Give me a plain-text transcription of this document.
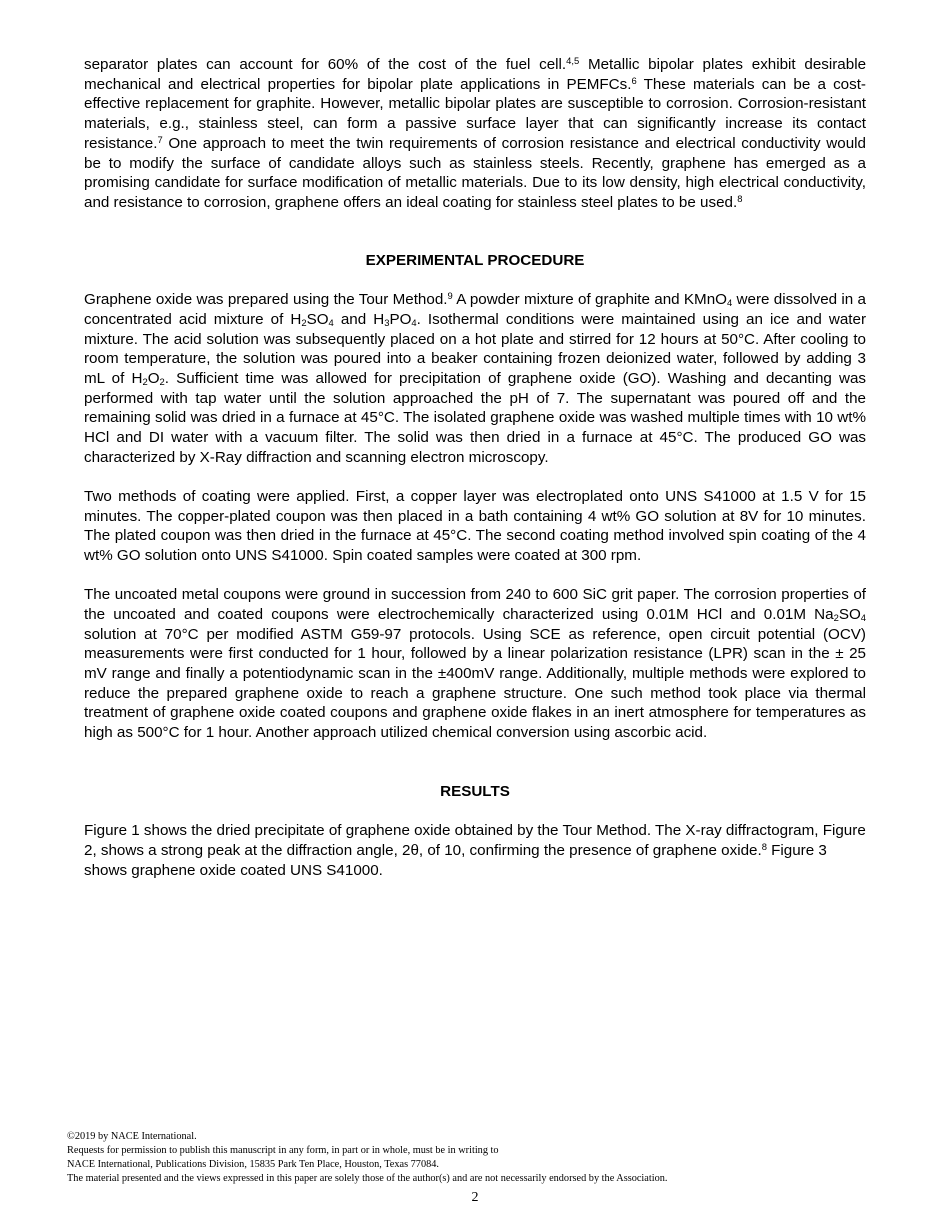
separator plates can account for 60% of the cost of the fuel cell.$^{4,5}$ Metallic bipolar plates exhibit desirable mechanical and electrical properties for bipolar plate applications in PEMFCs.$^6$ These materials can be a cost-effective replacement for graphite. However, metallic bipolar plates are susceptible to corrosion. Corrosion-resistant materials, e.g., stainless steel, can form a passive surface layer that can significantly increase its contact resistance.$^7$ One approach to meet the twin requirements of corrosion resistance and electrical conductivity would be to modify the surface of candidate alloys such as stainless steels. Recently, graphene has emerged as a promising candidate for surface modification of metallic materials. Due to its low density, high electrical conductivity, and resistance to corrosion, graphene offers an ideal coating for stainless steel plates to be used.$^8$

EXPERIMENTAL PROCEDURE

Graphene oxide was prepared using the Tour Method.$^9$ A powder mixture of graphite and KMnO$_4$ were dissolved in a concentrated acid mixture of $H_2SO_4$ and $H_3PO_4$. Isothermal conditions were maintained using an ice and water mixture. The acid solution was subsequently placed on a hot plate and stirred for 12 hours at 50°C. After cooling to room temperature, the solution was poured into a beaker containing frozen deionized water, followed by adding 3 mL of $H_2O_2$. Sufficient time was allowed for precipitation of graphene oxide (GO). Washing and decanting was performed with tap water until the solution approached the pH of 7. The supernatant was poured off and the remaining solid was dried in a furnace at 45°C. The isolated graphene oxide was washed multiple times with 10 wt% HCl and DI water with a vacuum filter. The solid was then dried in a furnace at 45°C. The produced GO was characterized by X-Ray diffraction and scanning electron microscopy.

Two methods of coating were applied. First, a copper layer was electroplated onto UNS S41000 at 1.5 V for 15 minutes. The copper-plated coupon was then placed in a bath containing 4 wt% GO solution at 8V for 10 minutes. The plated coupon was then dried in the furnace at 45°C. The second coating method involved spin coating of the 4 wt% GO solution onto UNS S41000. Spin coated samples were coated at 300 rpm.

The uncoated metal coupons were ground in succession from 240 to 600 SiC grit paper. The corrosion properties of the uncoated and coated coupons were electrochemically characterized using 0.01M HCl and 0.01M $Na_2SO_4$ solution at 70°C per modified ASTM G59-97 protocols. Using SCE as reference, open circuit potential (OCV) measurements were first conducted for 1 hour, followed by a linear polarization resistance (LPR) scan in the ± 25 mV range and finally a potentiodynamic scan in the ±400mV range. Additionally, multiple methods were explored to reduce the prepared graphene oxide to reach a graphene structure. One such method took place via thermal treatment of graphene oxide coated coupons and graphene oxide flakes in an inert atmosphere for temperatures as high as 500°C for 1 hour. Another approach utilized chemical conversion using ascorbic acid.

RESULTS

Figure 1 shows the dried precipitate of graphene oxide obtained by the Tour Method. The X-ray diffractogram, Figure 2, shows a strong peak at the diffraction angle, 2θ, of 10, confirming the presence of graphene oxide.$^8$ Figure 3 shows graphene oxide coated UNS S41000.

©2019 by NACE International.
Requests for permission to publish this manuscript in any form, in part or in whole, must be in writing to
NACE International, Publications Division, 15835 Park Ten Place, Houston, Texas 77084.
The material presented and the views expressed in this paper are solely those of the author(s) and are not necessarily endorsed by the Association.
2
